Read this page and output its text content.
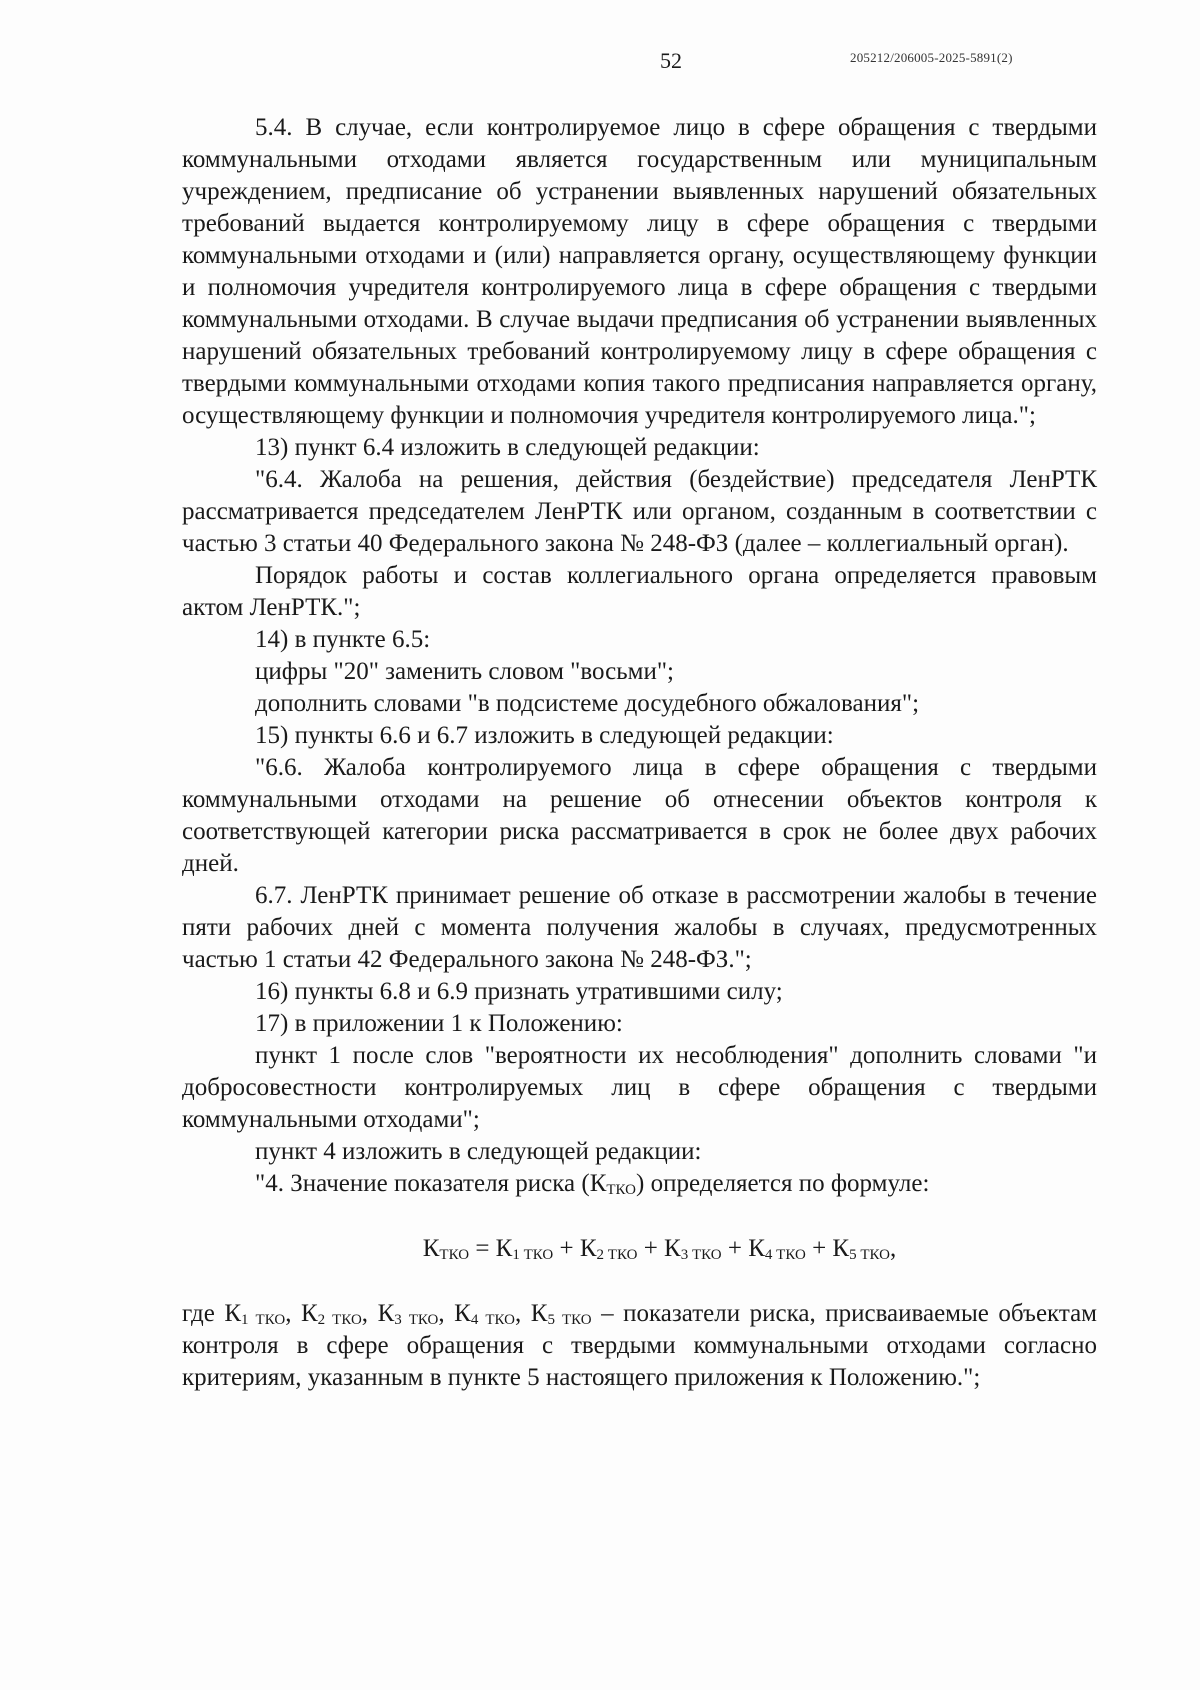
52	205212/206005-2025-5891(2)

5.4. В случае, если контролируемое лицо в сфере обращения с твердыми коммунальными отходами является государственным или муниципальным учреждением, предписание об устранении выявленных нарушений обязательных требований выдается контролируемому лицу в сфере обращения с твердыми коммунальными отходами и (или) направляется органу, осуществляющему функции и полномочия учредителя контролируемого лица в сфере обращения с твердыми коммунальными отходами. В случае выдачи предписания об устранении выявленных нарушений обязательных требований контролируемому лицу в сфере обращения с твердыми коммунальными отходами копия такого предписания направляется органу, осуществляющему функции и полномочия учредителя контролируемого лица.";

13) пункт 6.4 изложить в следующей редакции:

"6.4. Жалоба на решения, действия (бездействие) председателя ЛенРТК рассматривается председателем ЛенРТК или органом, созданным в соответствии с частью 3 статьи 40 Федерального закона № 248-ФЗ (далее – коллегиальный орган).

Порядок работы и состав коллегиального органа определяется правовым актом ЛенРТК.";

14) в пункте 6.5:

цифры "20" заменить словом "восьми";

дополнить словами "в подсистеме досудебного обжалования";

15) пункты 6.6 и 6.7 изложить в следующей редакции:

"6.6. Жалоба контролируемого лица в сфере обращения с твердыми коммунальными отходами на решение об отнесении объектов контроля к соответствующей категории риска рассматривается в срок не более двух рабочих дней.

6.7. ЛенРТК принимает решение об отказе в рассмотрении жалобы в течение пяти рабочих дней с момента получения жалобы в случаях, предусмотренных частью 1 статьи 42 Федерального закона № 248-ФЗ.";

16) пункты 6.8 и 6.9 признать утратившими силу;

17) в приложении 1 к Положению:

пункт 1 после слов "вероятности их несоблюдения" дополнить словами "и добросовестности контролируемых лиц в сфере обращения с твердыми коммунальными отходами";

пункт 4 изложить в следующей редакции:

"4. Значение показателя риска $(К_{ТКО})$ определяется по формуле:

$К_{ТКО} = К_{1 ТКО} + К_{2 ТКО} + К_{3 ТКО} + К_{4 ТКО} + К_{5 ТКО}$,

где $К_{1 ТКО}$, $К_{2 ТКО}$, $К_{3 ТКО}$, $К_{4 ТКО}$, $К_{5 ТКО}$ – показатели риска, присваиваемые объектам контроля в сфере обращения с твердыми коммунальными отходами согласно критериям, указанным в пункте 5 настоящего приложения к Положению.";
